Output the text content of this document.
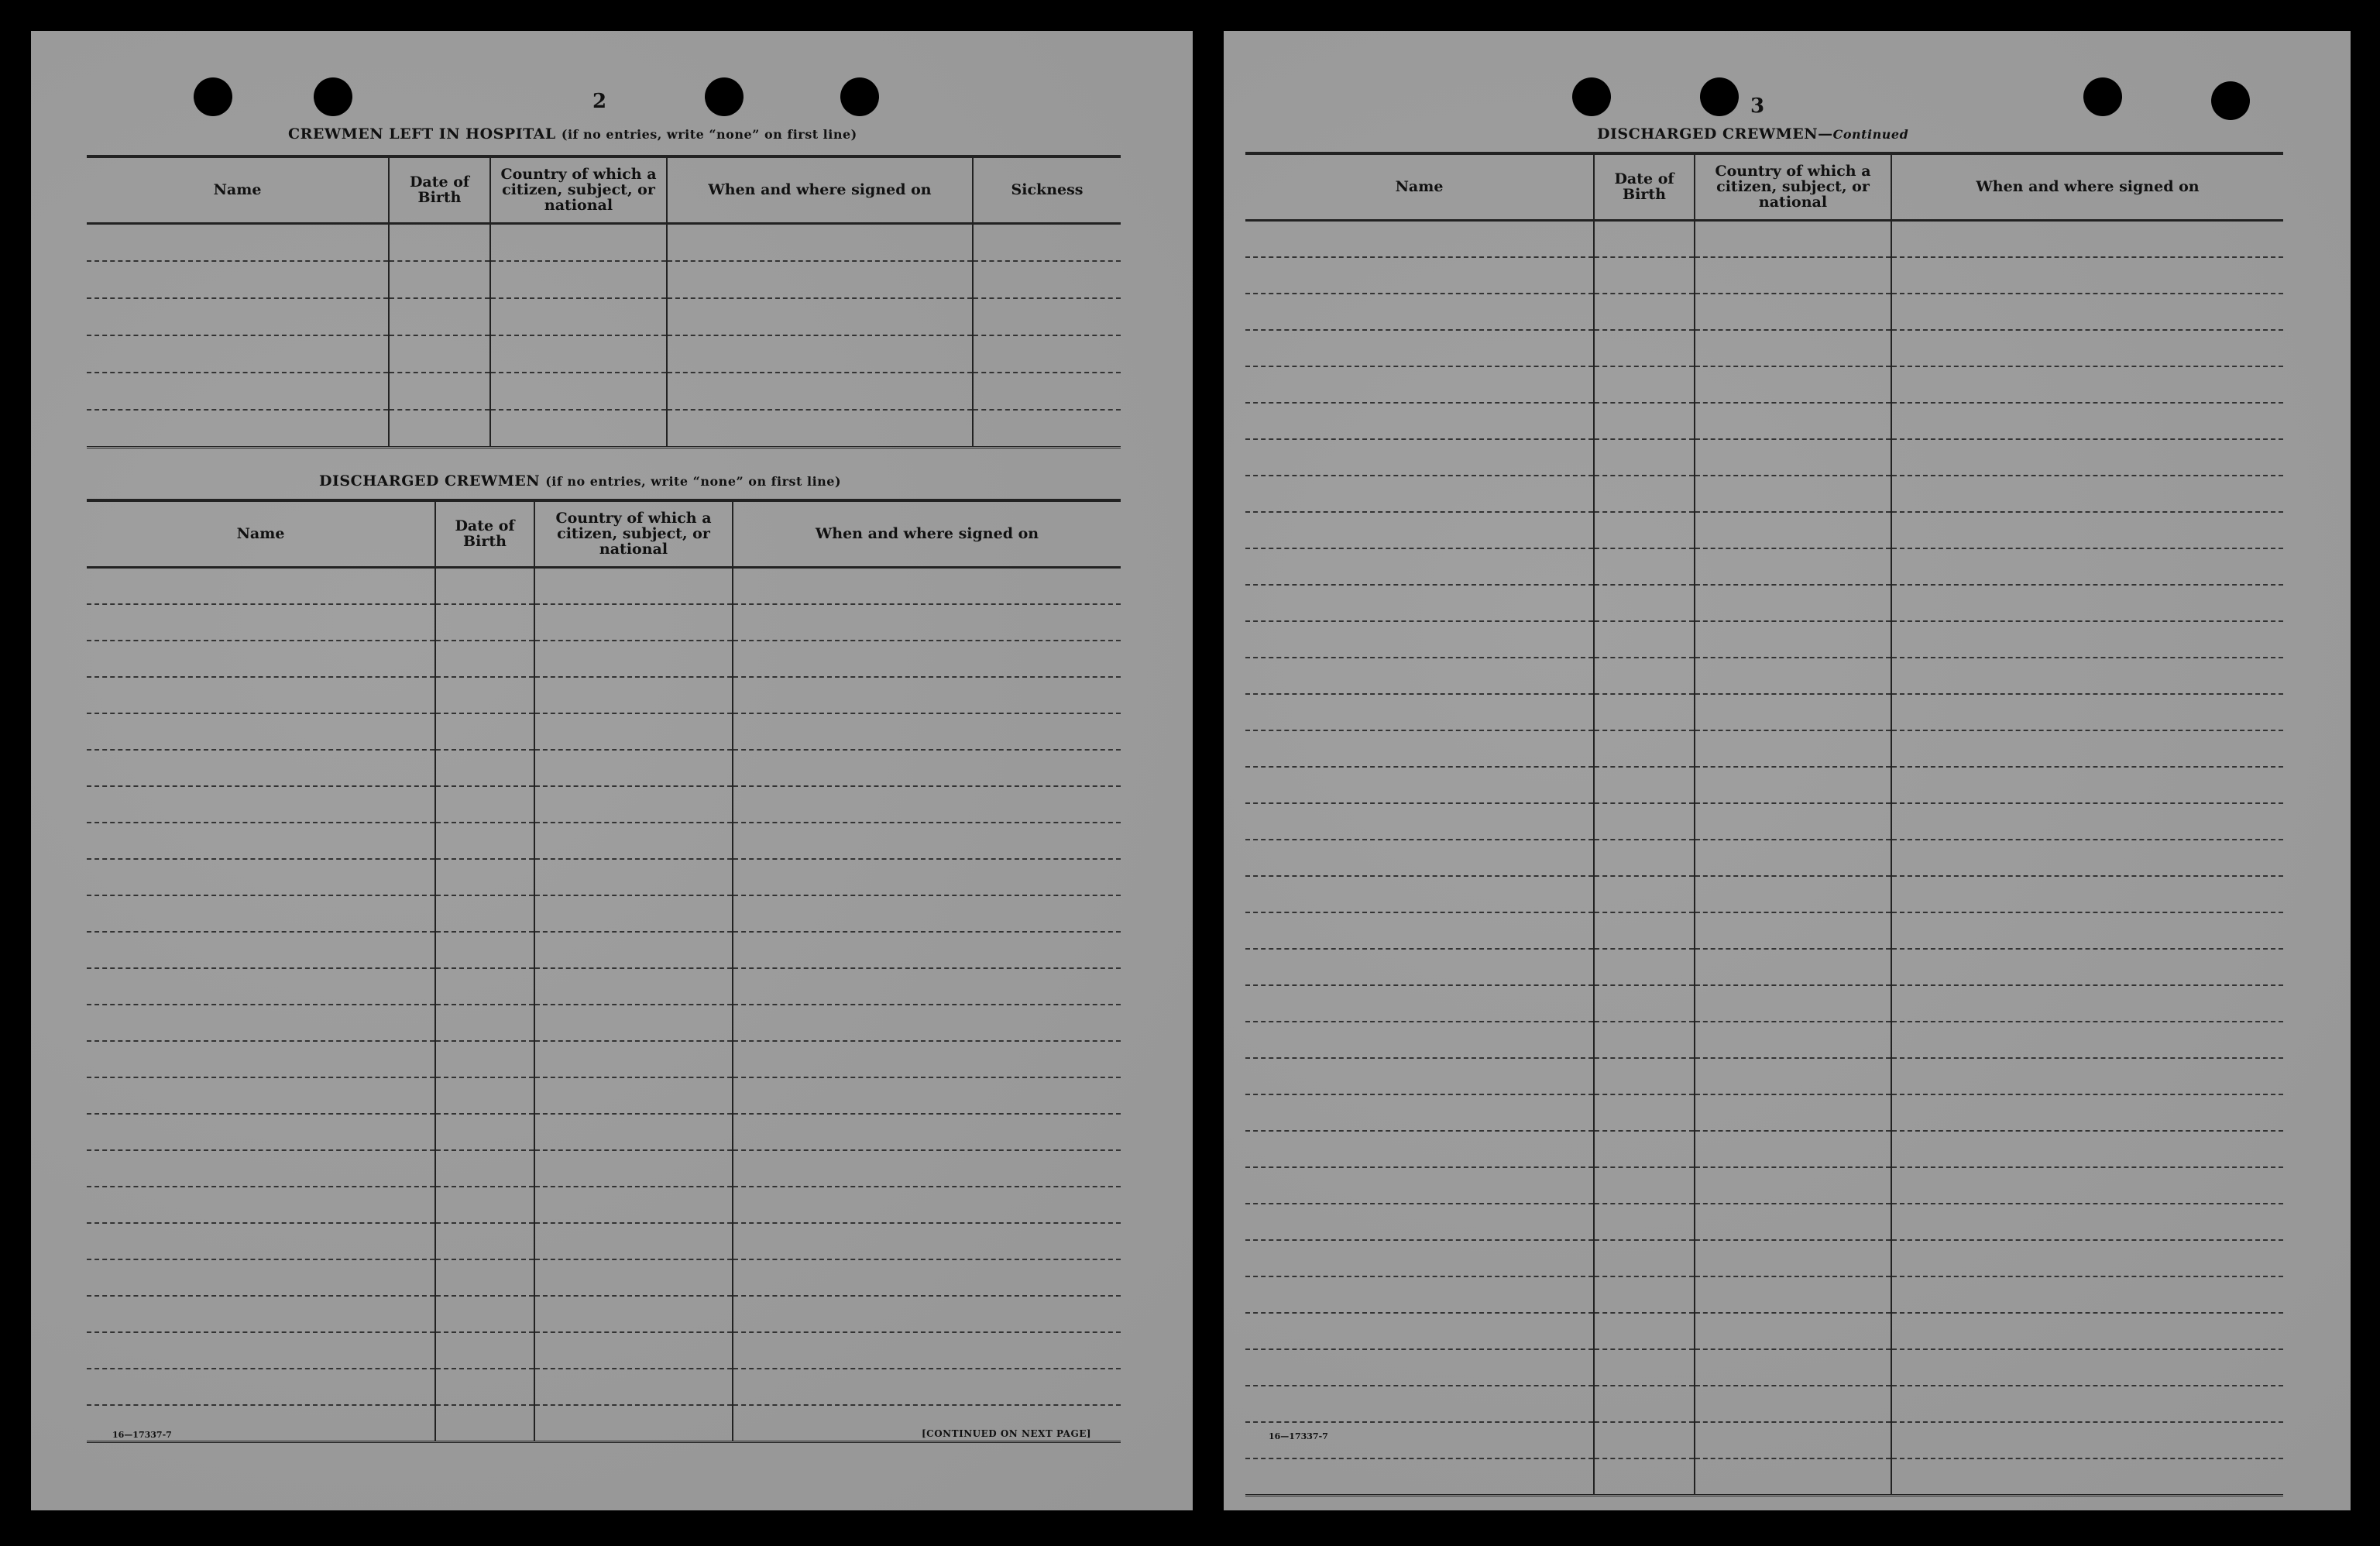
2
CREWMEN LEFT IN HOSPITAL (if no entries, write “none” on first line)
Name	Date of Birth	Country of which a citizen, subject, or national	When and where signed on	Sickness

DISCHARGED CREWMEN (if no entries, write “none” on first line)
Name	Date of Birth	Country of which a citizen, subject, or national	When and where signed on

16—17337-7	[CONTINUED ON NEXT PAGE]
3
DISCHARGED CREWMEN—Continued
Name	Date of Birth	Country of which a citizen, subject, or national	When and where signed on

16—17337-7
